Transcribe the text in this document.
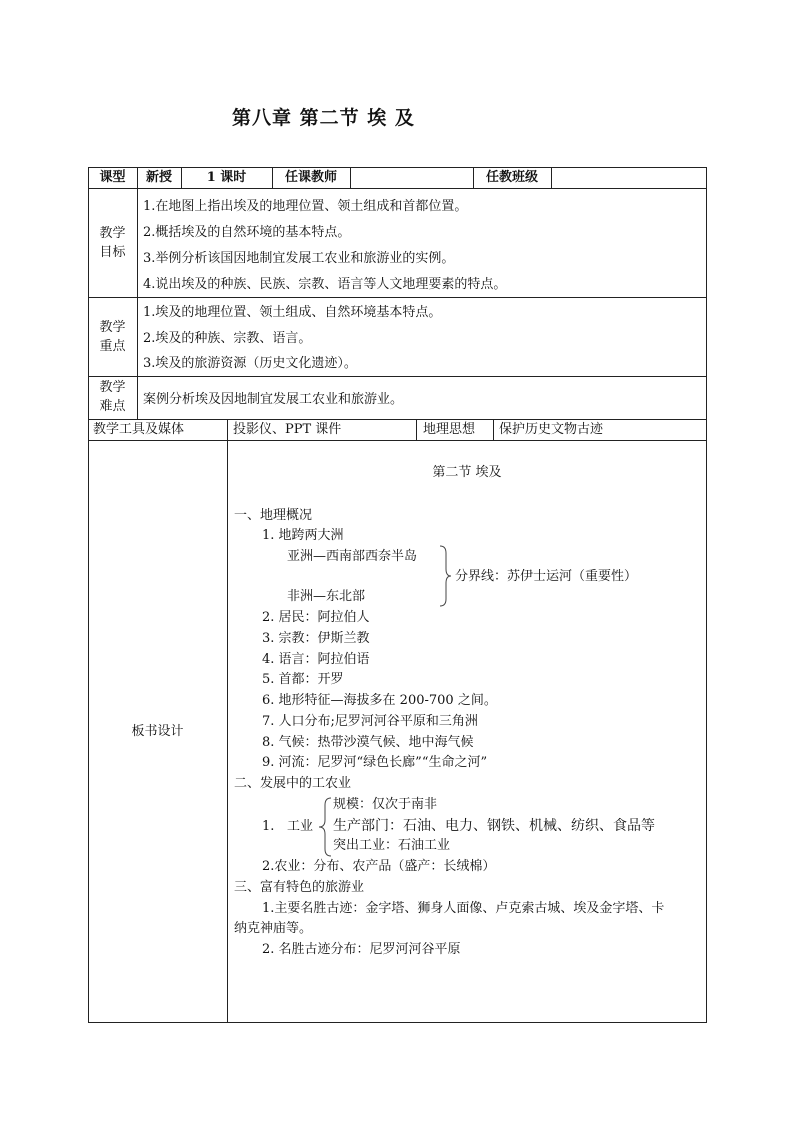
第八章 第二节 埃 及
课型	新授	1 课时	任课教师	任教班级
教学
目标
1.在地图上指出埃及的地理位置、领土组成和首都位置。
2.概括埃及的自然环境的基本特点。
3.举例分析该国因地制宜发展工农业和旅游业的实例。
4.说出埃及的种族、民族、宗教、语言等人文地理要素的特点。
教学
重点
1.埃及的地理位置、领土组成、自然环境基本特点。
2.埃及的种族、宗教、语言。
3.埃及的旅游资源（历史文化遗迹）。
教学
难点	案例分析埃及因地制宜发展工农业和旅游业。
教学工具及媒体	投影仪、PPT 课件	地理思想 保护历史文物古迹
板书设计
第二节 埃及
一、地理概况
1. 地跨两大洲
亚洲—西南部西奈半岛
非洲—东北部
分界线：苏伊士运河（重要性）
2. 居民：阿拉伯人
3. 宗教：伊斯兰教
4. 语言：阿拉伯语
5. 首都：开罗
6. 地形特征—海拔多在 200-700 之间。
7. 人口分布;尼罗河河谷平原和三角洲
8. 气候：热带沙漠气候、地中海气候
9. 河流：尼罗河“绿色长廊”“生命之河”
二、发展中的工农业
1. 工业
规模：仅次于南非
生产部门：石油、电力、钢铁、机械、纺织、食品等
突出工业：石油工业
2.农业：分布、农产品（盛产：长绒棉）
三、富有特色的旅游业
1.主要名胜古迹：金字塔、狮身人面像、卢克索古城、埃及金字塔、卡
纳克神庙等。
2. 名胜古迹分布：尼罗河河谷平原
